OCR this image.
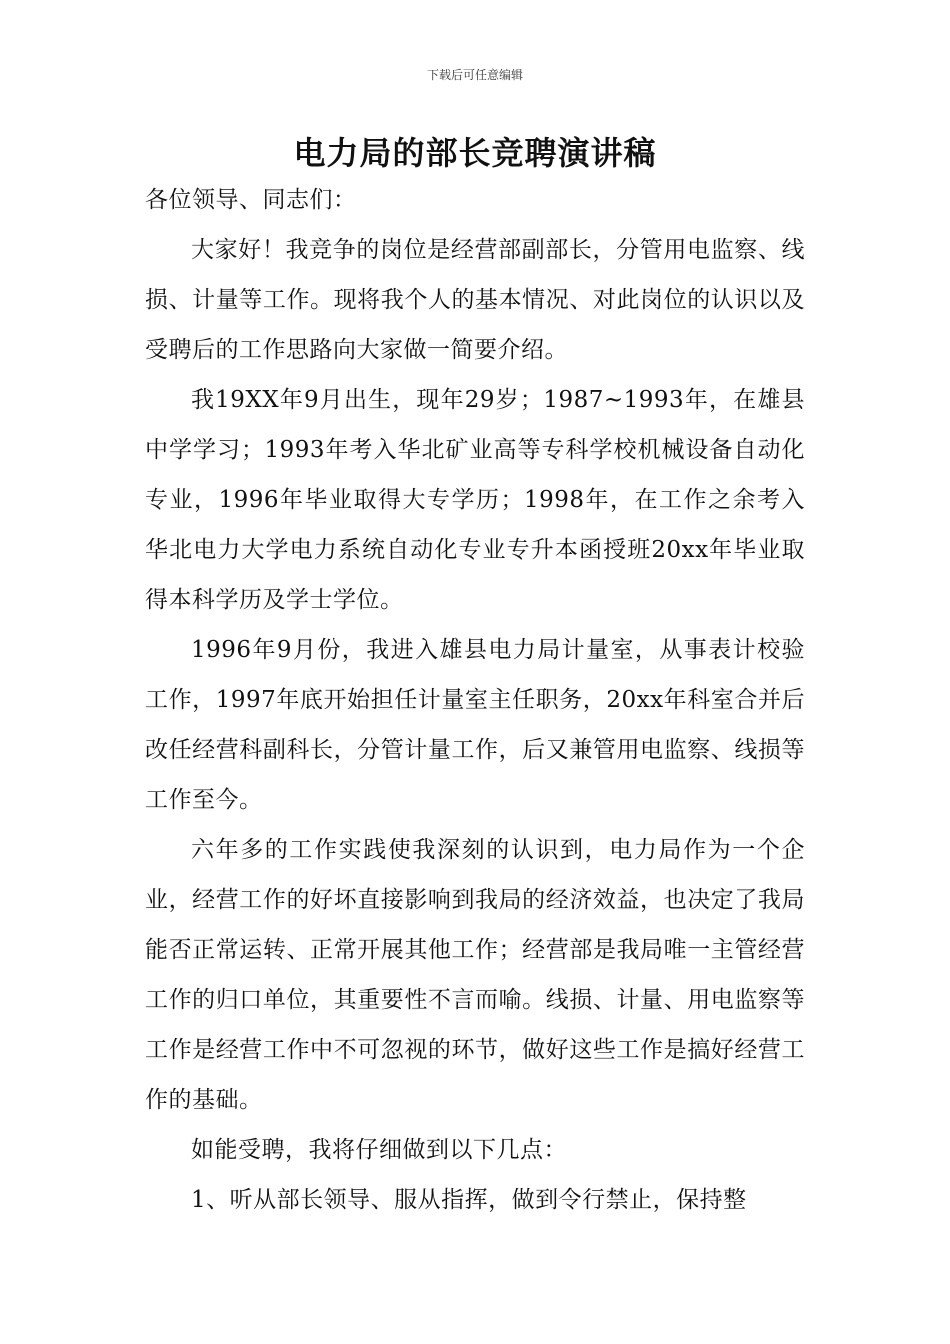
下载后可任意编辑
电力局的部长竞聘演讲稿

各位领导、同志们：

大家好！我竞争的岗位是经营部副部长，分管用电监察、线损、计量等工作。现将我个人的基本情况、对此岗位的认识以及受聘后的工作思路向大家做一简要介绍。

我19XX年9月出生，现年29岁；1987~1993年，在雄县中学学习；1993年考入华北矿业高等专科学校机械设备自动化专业，1996年毕业取得大专学历；1998年，在工作之余考入华北电力大学电力系统自动化专业专升本函授班20xx年毕业取得本科学历及学士学位。

1996年9月份，我进入雄县电力局计量室，从事表计校验工作，1997年底开始担任计量室主任职务，20xx年科室合并后改任经营科副科长，分管计量工作，后又兼管用电监察、线损等工作至今。

六年多的工作实践使我深刻的认识到，电力局作为一个企业，经营工作的好坏直接影响到我局的经济效益，也决定了我局能否正常运转、正常开展其他工作；经营部是我局唯一主管经营工作的归口单位，其重要性不言而喻。线损、计量、用电监察等工作是经营工作中不可忽视的环节，做好这些工作是搞好经营工作的基础。

如能受聘，我将仔细做到以下几点：

1、听从部长领导、服从指挥，做到令行禁止，保持整
